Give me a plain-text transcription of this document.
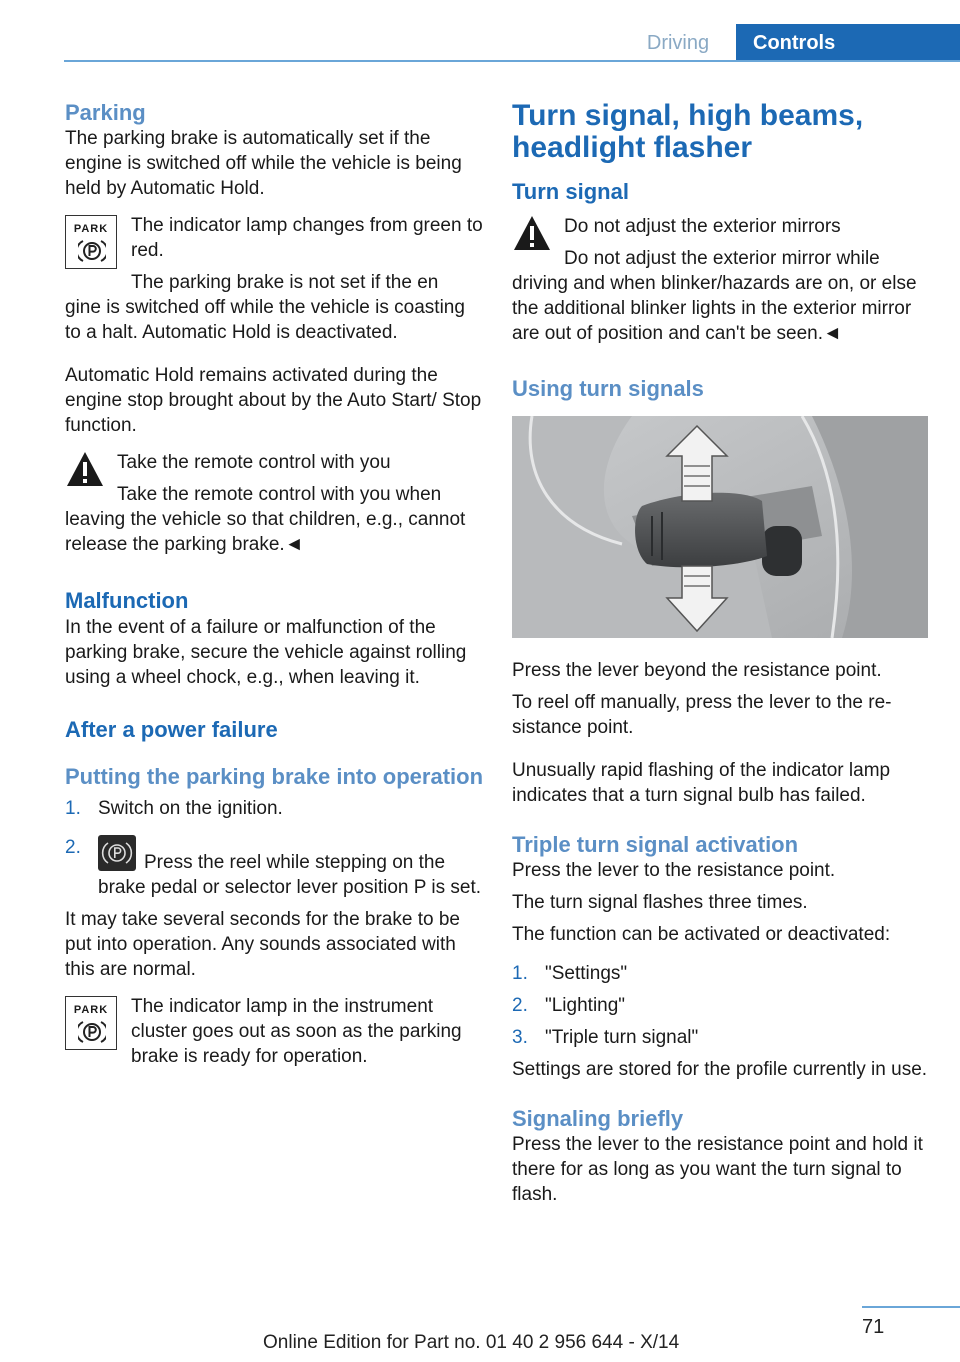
Driving	Controls
Parking

The parking brake is automatically set if the engine is switched off while the vehicle is being held by Automatic Hold.

PARK	The indicator lamp changes from green to red.

The parking brake is not set if the en

gine is switched off while the vehicle is coasting to a halt. Automatic Hold is deactivated.

Automatic Hold remains activated during the engine stop brought about by the Auto Start/ Stop function.

Take the remote control with you

Take the remote control with you when

leaving the vehicle so that children, e.g., cannot release the parking brake.◄

Malfunction

In the event of a failure or malfunction of the parking brake, secure the vehicle against rolling using a wheel chock, e.g., when leaving it.

After a power failure
Putting the parking brake into operation
1. Switch on the ignition.
2.
Press the reel while stepping on the brake pedal or selector lever position P is set.

It may take several seconds for the brake to be put into operation. Any sounds associated with this are normal.

PARK	The indicator lamp in the instrument cluster goes out as soon as the parking brake is ready for operation.

Turn signal, high beams, headlight flasher
Turn signal

Do not adjust the exterior mirrors

Do not adjust the exterior mirror while

driving and when blinker/hazards are on, or else the additional blinker lights in the exterior mirror are out of position and can't be seen.◄

Using turn signals

Press the lever beyond the resistance point.

To reel off manually, press the lever to the resistance point.

Unusually rapid flashing of the indicator lamp indicates that a turn signal bulb has failed.

Triple turn signal activation

Press the lever to the resistance point.

The turn signal flashes three times.

The function can be activated or deactivated:

1. "Settings"
2. "Lighting"
3. "Triple turn signal"

Settings are stored for the profile currently in use.

Signaling briefly

Press the lever to the resistance point and hold it there for as long as you want the turn signal to flash.

71
Online Edition for Part no. 01 40 2 956 644 - X/14
